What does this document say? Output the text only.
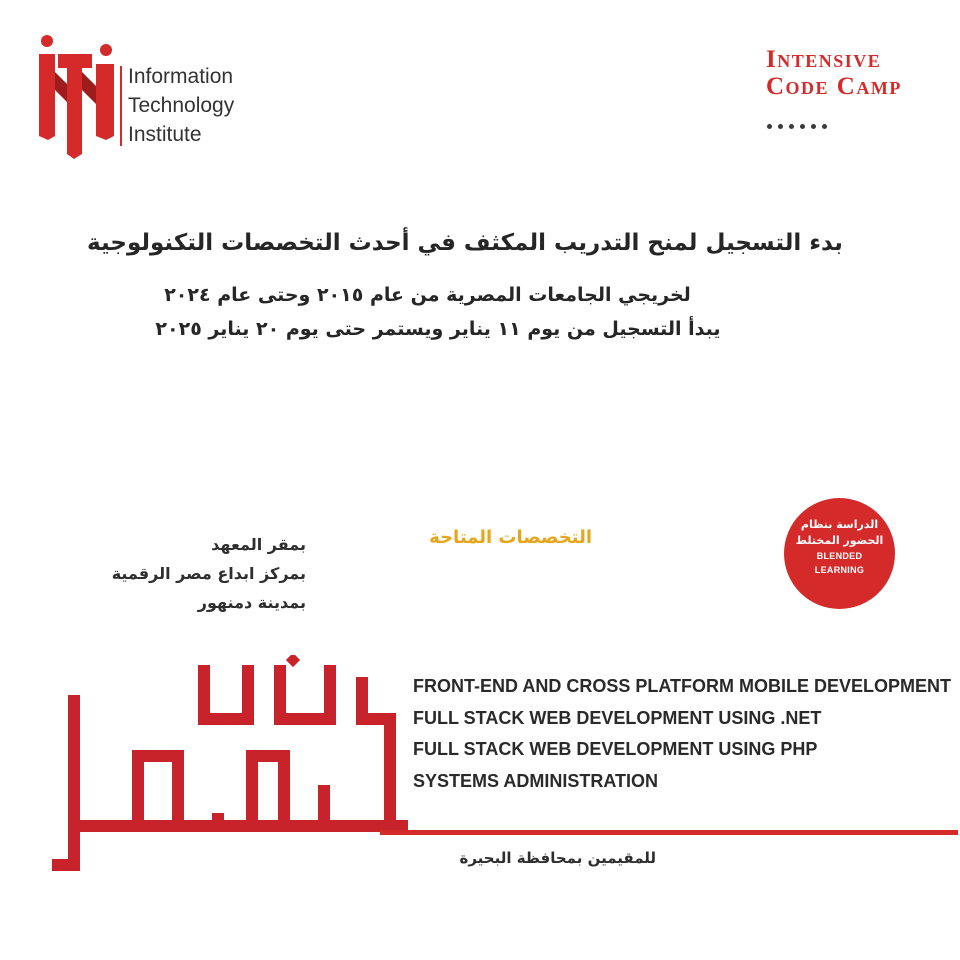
Information
Technology
Institute
Intensive
Code Camp
بدء التسجيل لمنح التدريب المكثف في أحدث التخصصات التكنولوجية
لخريجي الجامعات المصرية من عام ٢٠١٥ وحتى عام ٢٠٢٤
يبدأ التسجيل من يوم ١١ يناير ويستمر حتى يوم ٢٠ يناير ٢٠٢٥
بمقر المعهد
بمركز ابداع مصر الرقمية
بمدينة دمنهور
التخصصات المتاحة
الدراسة بنظام
الحضور المختلط
BLENDED
LEARNING
FRONT-END AND CROSS PLATFORM MOBILE DEVELOPMENT
FULL STACK WEB DEVELOPMENT USING .NET
FULL STACK WEB DEVELOPMENT USING PHP
SYSTEMS ADMINISTRATION
للمقيمين بمحافظة البحيرة
